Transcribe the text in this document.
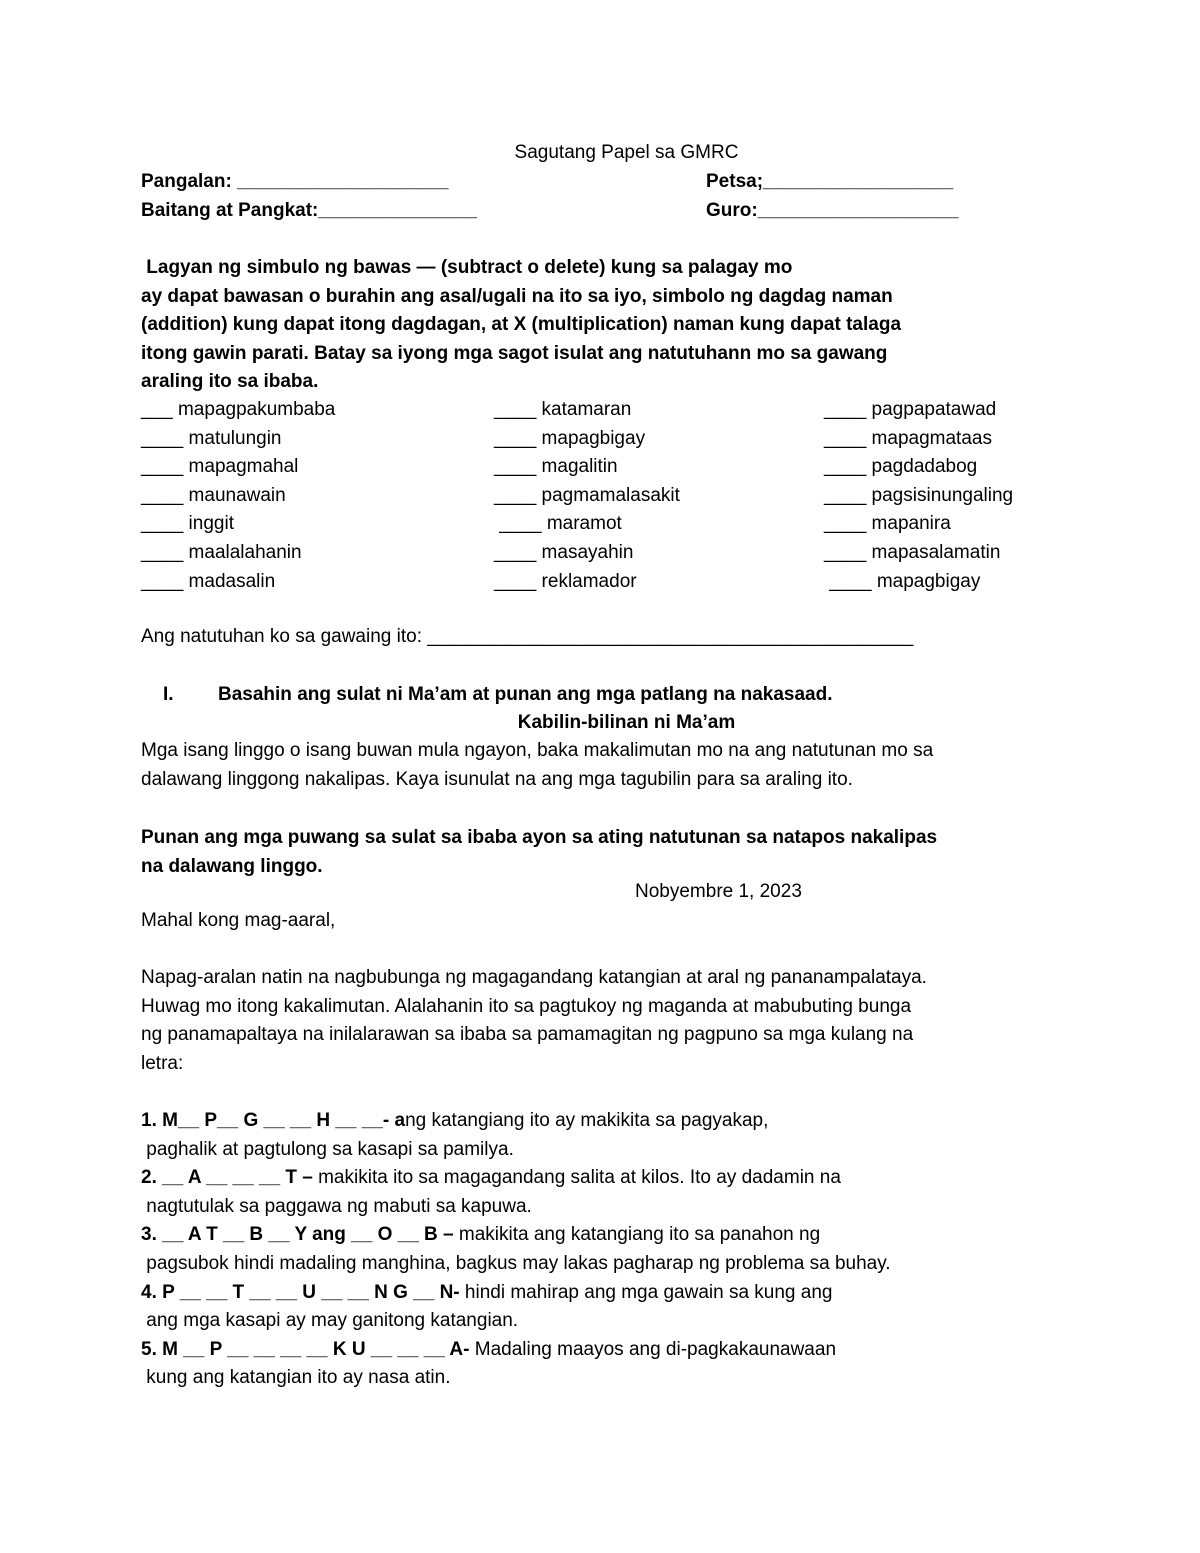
Sagutang Papel sa GMRC
Pangalan: ____________________	Petsa;__________________
Baitang at Pangkat:_______________	Guro:___________________
Lagyan ng simbulo ng bawas — (subtract o delete) kung sa palagay mo
ay dapat bawasan o burahin ang asal/ugali na ito sa iyo, simbolo ng dagdag naman
(addition) kung dapat itong dagdagan, at X (multiplication) naman kung dapat talaga
itong gawin parati. Batay sa iyong mga sagot isulat ang natutuhann mo sa gawang
araling ito sa ibaba.
___ mapagpakumbaba
____ matulungin
____ mapagmahal
____ maunawain
____ inggit
____ maalalahanin
____ madasalin
____ katamaran
____ mapagbigay
____ magalitin
____ pagmamalasakit
____ maramot
____ masayahin
____ reklamador
____ pagpapatawad
____ mapagmataas
____ pagdadabog
____ pagsisinungaling
____ mapanira
____ mapasalamatin
____ mapagbigay
Ang natutuhan ko sa gawaing ito: ______________________________________________
I. Basahin ang sulat ni Ma’am at punan ang mga patlang na nakasaad.
Kabilin-bilinan ni Ma’am
Mga isang linggo o isang buwan mula ngayon, baka makalimutan mo na ang natutunan mo sa
dalawang linggong nakalipas. Kaya isunulat na ang mga tagubilin para sa araling ito.
Punan ang mga puwang sa sulat sa ibaba ayon sa ating natutunan sa natapos nakalipas
na dalawang linggo.
Nobyembre 1, 2023
Mahal kong mag-aaral,
Napag-aralan natin na nagbubunga ng magagandang katangian at aral ng pananampalataya.
Huwag mo itong kakalimutan. Alalahanin ito sa pagtukoy ng maganda at mabubuting bunga
ng panamapaltaya na inilalarawan sa ibaba sa pamamagitan ng pagpuno sa mga kulang na
letra:
1. M__ P__ G __ __ H __ __- ang katangiang ito ay makikita sa pagyakap,
paghalik at pagtulong sa kasapi sa pamilya.
2. __ A __ __ __ T – makikita ito sa magagandang salita at kilos. Ito ay dadamin na
nagtutulak sa paggawa ng mabuti sa kapuwa.
3. __ A T __ B __ Y ang __ O __ B – makikita ang katangiang ito sa panahon ng
pagsubok hindi madaling manghina, bagkus may lakas pagharap ng problema sa buhay.
4. P __ __ T __ __ U __ __ N G __ N- hindi mahirap ang mga gawain sa kung ang
ang mga kasapi ay may ganitong katangian.
5. M __ P __ __ __ __ K U __ __ __ A- Madaling maayos ang di-pagkakaunawaan
kung ang katangian ito ay nasa atin.
